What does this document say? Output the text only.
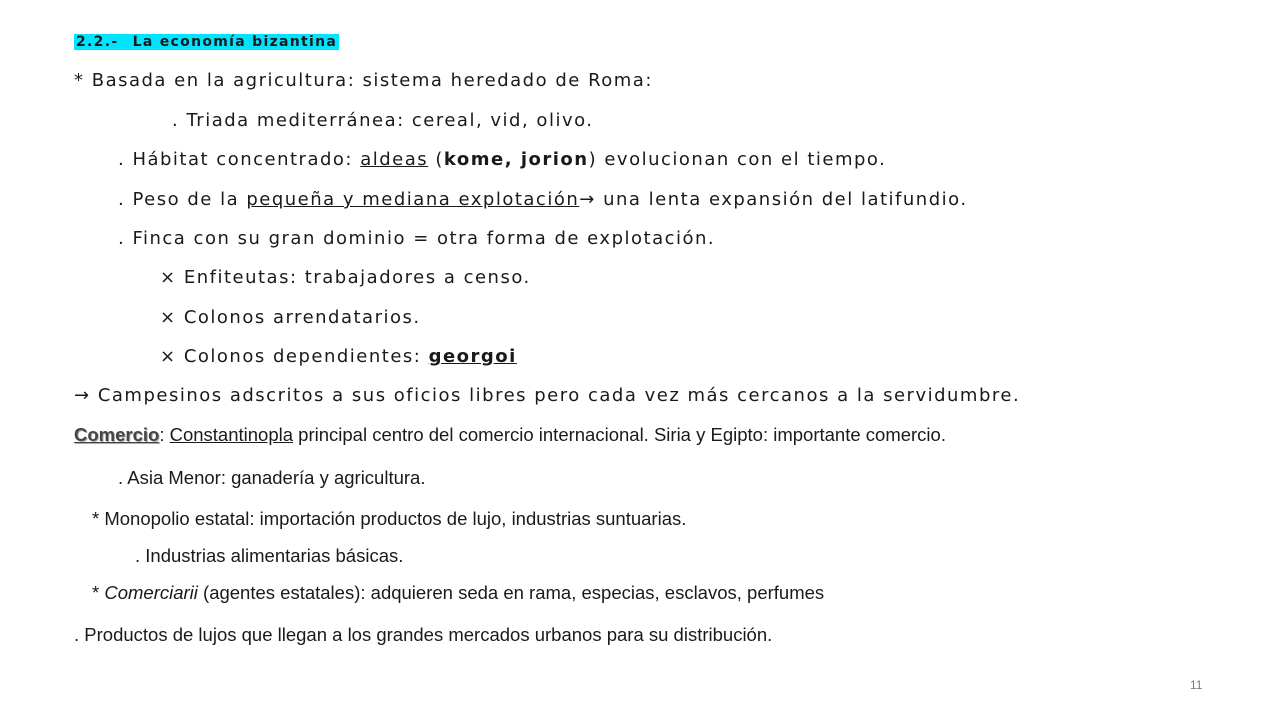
2.2.- La economía bizantina
* Basada en la agricultura: sistema heredado de Roma:
. Triada mediterránea: cereal, vid, olivo.
. Hábitat concentrado: aldeas (kome, jorion) evolucionan con el tiempo.
. Peso de la pequeña y mediana explotación→ una lenta expansión del latifundio.
. Finca con su gran dominio = otra forma de explotación.
× Enfiteutas: trabajadores a censo.
× Colonos arrendatarios.
× Colonos dependientes: georgoi
→ Campesinos adscritos a sus oficios libres pero cada vez más cercanos a la servidumbre.
Comercio: Constantinopla principal centro del comercio internacional. Siria y Egipto: importante comercio.
. Asia Menor: ganadería y agricultura.
* Monopolio estatal: importación productos de lujo, industrias suntuarias.
. Industrias alimentarias básicas.
* Comerciarii (agentes estatales): adquieren seda en rama, especias, esclavos, perfumes
. Productos de lujos que llegan a los grandes mercados urbanos para su distribución.
11
